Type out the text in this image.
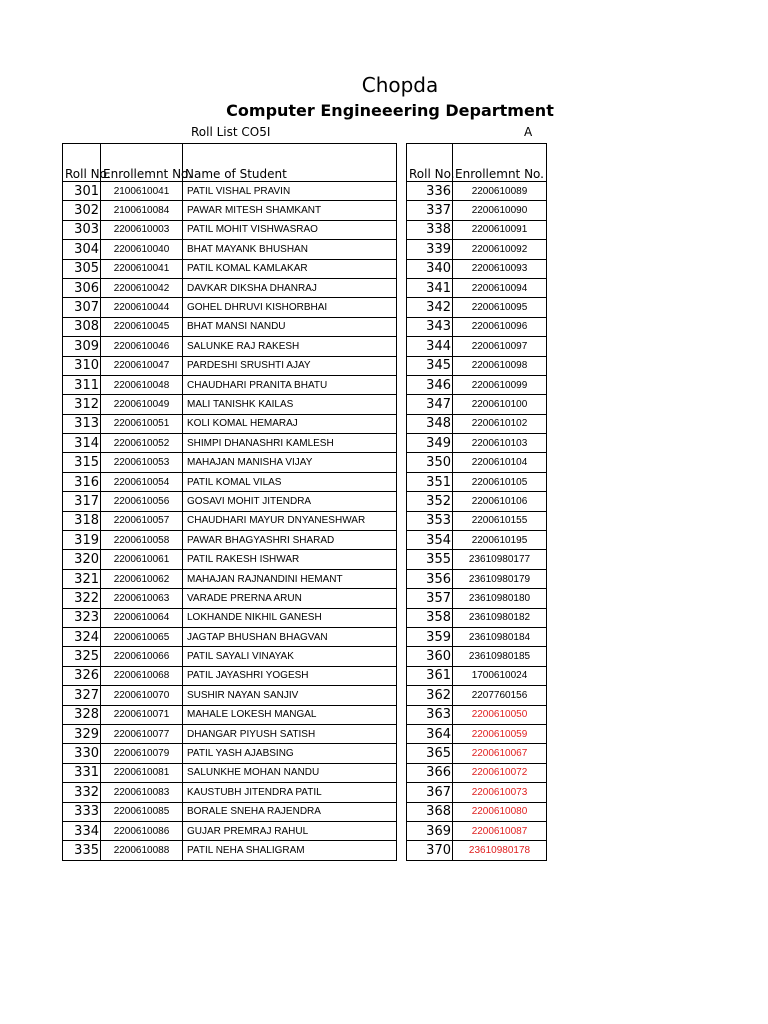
Chopda
Computer Engineeering Department
Roll List CO5I	A
Roll No.	Enrollemnt No.	Name of Student
301	2100610041	PATIL VISHAL PRAVIN
302	2100610084	PAWAR MITESH SHAMKANT
303	2200610003	PATIL MOHIT VISHWASRAO
304	2200610040	BHAT MAYANK BHUSHAN
305	2200610041	PATIL KOMAL KAMLAKAR
306	2200610042	DAVKAR DIKSHA DHANRAJ
307	2200610044	GOHEL DHRUVI KISHORBHAI
308	2200610045	BHAT MANSI NANDU
309	2200610046	SALUNKE RAJ RAKESH
310	2200610047	PARDESHI SRUSHTI AJAY
311	2200610048	CHAUDHARI PRANITA BHATU
312	2200610049	MALI TANISHK KAILAS
313	2200610051	KOLI KOMAL HEMARAJ
314	2200610052	SHIMPI DHANASHRI KAMLESH
315	2200610053	MAHAJAN MANISHA VIJAY
316	2200610054	PATIL KOMAL VILAS
317	2200610056	GOSAVI MOHIT JITENDRA
318	2200610057	CHAUDHARI MAYUR DNYANESHWAR
319	2200610058	PAWAR BHAGYASHRI SHARAD
320	2200610061	PATIL RAKESH ISHWAR
321	2200610062	MAHAJAN RAJNANDINI HEMANT
322	2200610063	VARADE PRERNA ARUN
323	2200610064	LOKHANDE NIKHIL GANESH
324	2200610065	JAGTAP BHUSHAN BHAGVAN
325	2200610066	PATIL SAYALI VINAYAK
326	2200610068	PATIL JAYASHRI YOGESH
327	2200610070	SUSHIR NAYAN SANJIV
328	2200610071	MAHALE LOKESH MANGAL
329	2200610077	DHANGAR PIYUSH SATISH
330	2200610079	PATIL YASH AJABSING
331	2200610081	SALUNKHE MOHAN NANDU
332	2200610083	KAUSTUBH JITENDRA PATIL
333	2200610085	BORALE SNEHA RAJENDRA
334	2200610086	GUJAR PREMRAJ RAHUL
335	2200610088	PATIL NEHA SHALIGRAM
Roll No.	Enrollemnt No.
336	2200610089
337	2200610090
338	2200610091
339	2200610092
340	2200610093
341	2200610094
342	2200610095
343	2200610096
344	2200610097
345	2200610098
346	2200610099
347	2200610100
348	2200610102
349	2200610103
350	2200610104
351	2200610105
352	2200610106
353	2200610155
354	2200610195
355	23610980177
356	23610980179
357	23610980180
358	23610980182
359	23610980184
360	23610980185
361	1700610024
362	2207760156
363	2200610050
364	2200610059
365	2200610067
366	2200610072
367	2200610073
368	2200610080
369	2200610087
370	23610980178
